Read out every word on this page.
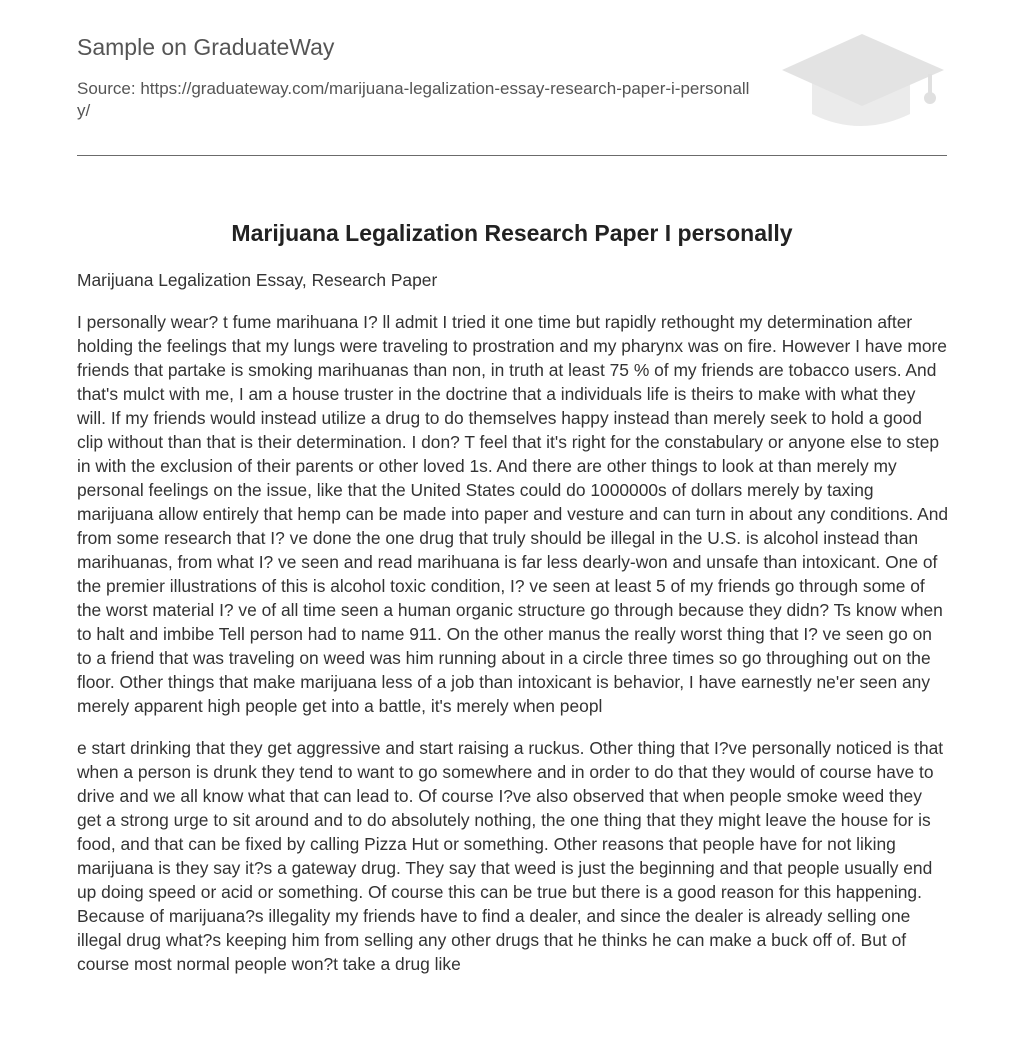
Sample on GraduateWay
Source: https://graduateway.com/marijuana-legalization-essay-research-paper-i-personally/
Marijuana Legalization Research Paper I personally

Marijuana Legalization Essay, Research Paper

I personally wear? t fume marihuana I? ll admit I tried it one time but rapidly rethought my determination after holding the feelings that my lungs were traveling to prostration and my pharynx was on fire. However I have more friends that partake is smoking marihuanas than non, in truth at least 75 % of my friends are tobacco users. And that's mulct with me, I am a house truster in the doctrine that a individuals life is theirs to make with what they will. If my friends would instead utilize a drug to do themselves happy instead than merely seek to hold a good clip without than that is their determination. I don? T feel that it's right for the constabulary or anyone else to step in with the exclusion of their parents or other loved 1s. And there are other things to look at than merely my personal feelings on the issue, like that the United States could do 1000000s of dollars merely by taxing marijuana allow entirely that hemp can be made into paper and vesture and can turn in about any conditions. And from some research that I? ve done the one drug that truly should be illegal in the U.S. is alcohol instead than marihuanas, from what I? ve seen and read marihuana is far less dearly-won and unsafe than intoxicant. One of the premier illustrations of this is alcohol toxic condition, I? ve seen at least 5 of my friends go through some of the worst material I? ve of all time seen a human organic structure go through because they didn? Ts know when to halt and imbibe Tell person had to name 911. On the other manus the really worst thing that I? ve seen go on to a friend that was traveling on weed was him running about in a circle three times so go throughing out on the floor. Other things that make marijuana less of a job than intoxicant is behavior, I have earnestly ne'er seen any merely apparent high people get into a battle, it's merely when peopl

e start drinking that they get aggressive and start raising a ruckus. Other thing that I?ve personally noticed is that when a person is drunk they tend to want to go somewhere and in order to do that they would of course have to drive and we all know what that can lead to. Of course I?ve also observed that when people smoke weed they get a strong urge to sit around and to do absolutely nothing, the one thing that they might leave the house for is food, and that can be fixed by calling Pizza Hut or something. Other reasons that people have for not liking marijuana is they say it?s a gateway drug. They say that weed is just the beginning and that people usually end up doing speed or acid or something. Of course this can be true but there is a good reason for this happening. Because of marijuana?s illegality my friends have to find a dealer, and since the dealer is already selling one illegal drug what?s keeping him from selling any other drugs that he thinks he can make a buck off of. But of course most normal people won?t take a drug like
